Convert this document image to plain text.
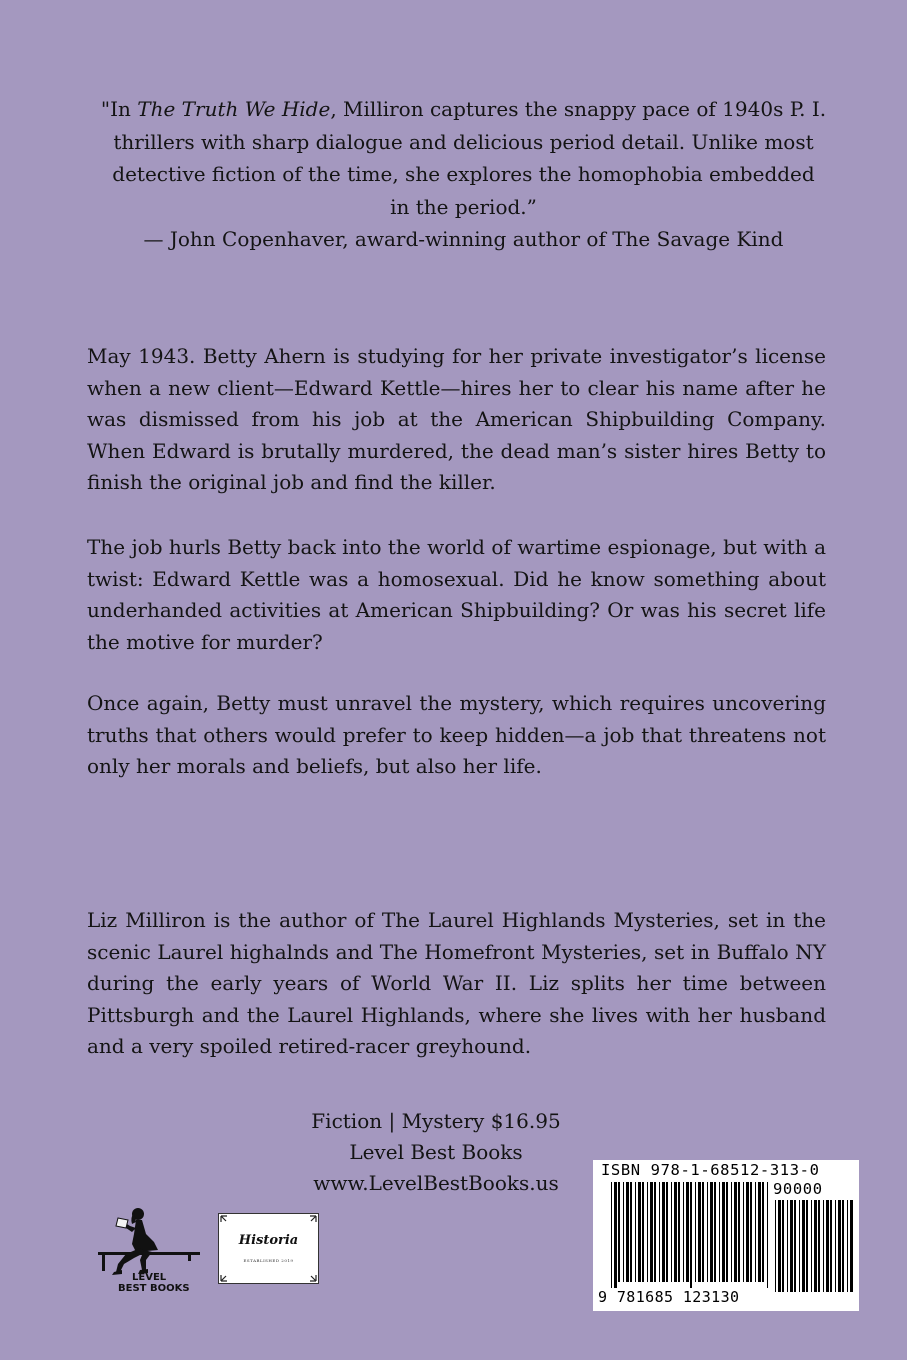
"In The Truth We Hide, Milliron captures the snappy pace of 1940s P. I. thrillers with sharp dialogue and delicious period detail. Unlike most detective fiction of the time, she explores the homophobia embedded in the period.”

— John Copenhaver, award-winning author of The Savage Kind

May 1943. Betty Ahern is studying for her private investigator’s license when a new client—Edward Kettle—hires her to clear his name after he was dismissed from his job at the American Shipbuilding Company. When Edward is brutally murdered, the dead man’s sister hires Betty to finish the original job and find the killer.

The job hurls Betty back into the world of wartime espionage, but with a twist: Edward Kettle was a homosexual. Did he know something about underhanded activities at American Shipbuilding? Or was his secret life the motive for murder?

Once again, Betty must unravel the mystery, which requires uncovering truths that others would prefer to keep hidden—a job that threatens not only her morals and beliefs, but also her life.

Liz Milliron is the author of The Laurel Highlands Mysteries, set in the scenic Laurel highalnds and The Homefront Mysteries, set in Buffalo NY during the early years of World War II. Liz splits her time between Pittsburgh and the Laurel Highlands, where she lives with her husband and a very spoiled retired-racer greyhound.

Fiction | Mystery $16.95
Level Best Books
www.LevelBestBooks.us
LEVEL
BEST BOOKS
Historia
ESTABLISHED 2019
ISBN 978-1-68512-313-0
90000
9 781685 123130
